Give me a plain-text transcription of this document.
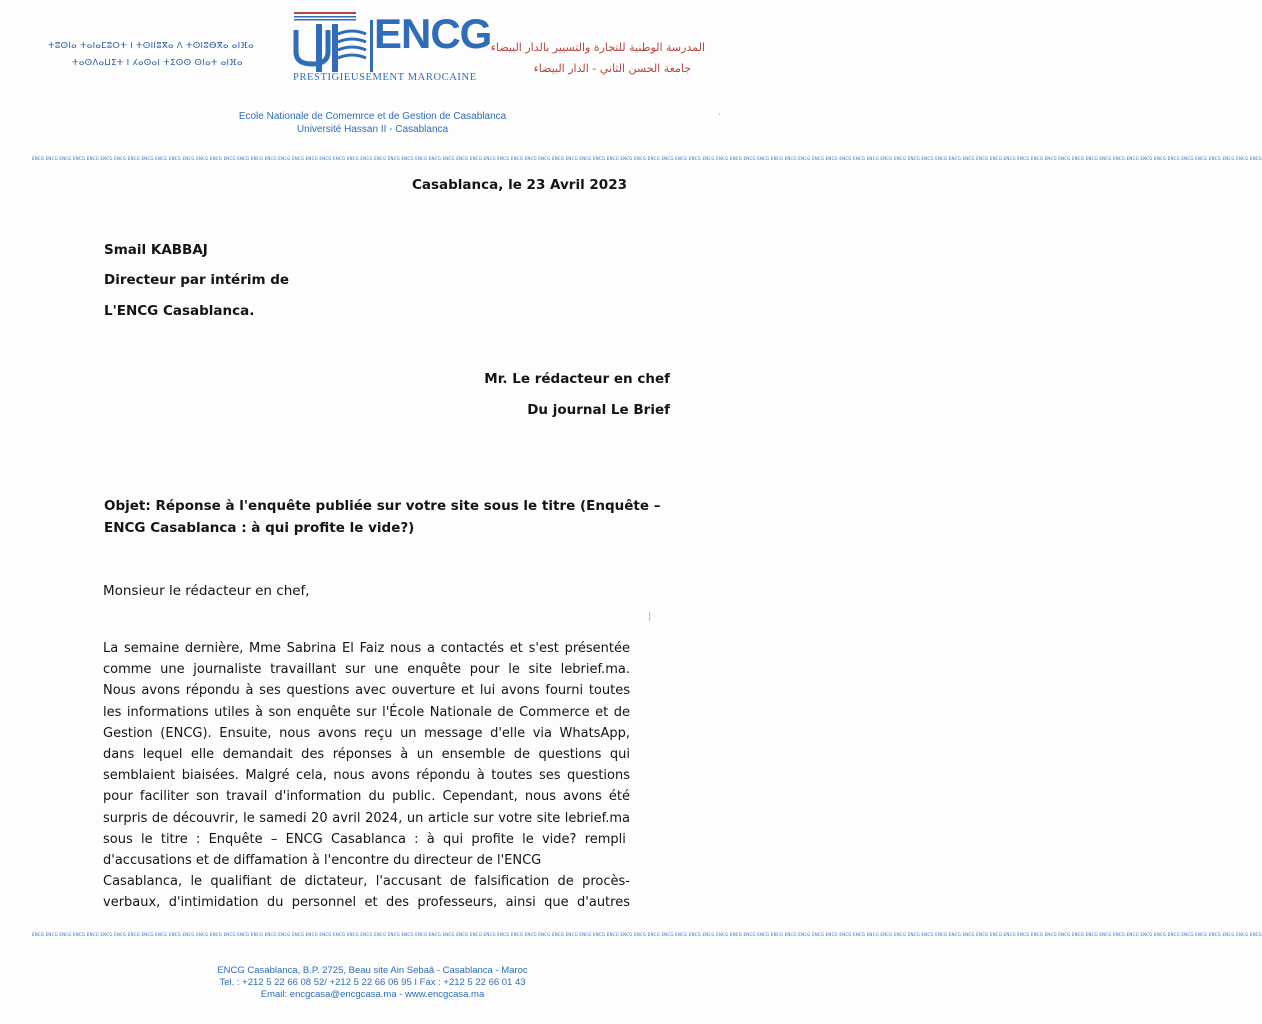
ⵜⵓⵙⵏⴰ ⵜⴰⵏⴰⵎⵓⵔⵜ ⵏ ⵜⵙⵏⵏⵓⴳⴰ ⴷ ⵜⵙⵏⵓⴱⴳⴰ ⴰⵏⴼⴰ
ⵜⴰⵙⴷⴰⵡⵉⵜ ⵏ ⵃⴰⵙⴰⵏ ⵜⵉⵙⵙ ⵙⵏⴰⵜ ⴰⵏⴼⴰ
ENCG
PRESTIGIEUSEMENT MAROCAINE
المدرسة الوطنية للتجارة والتسيير بالدار البيضاء
جامعة الحسن الثاني - الدار البيضاء
Ecole Nationale de Comemrce et de Gestion de Casablanca
Université Hassan II - Casablanca
˙
ENCG ENCG ENCG ENCG ENCG ENCG ENCG ENCG ENCG ENCG ENCG ENCG ENCG ENCG ENCG ENCG ENCG ENCG ENCG ENCG ENCG ENCG ENCG ENCG ENCG ENCG ENCG ENCG ENCG ENCG ENCG ENCG ENCG ENCG ENCG ENCG ENCG ENCG ENCG ENCG ENCG ENCG ENCG ENCG ENCG ENCG ENCG ENCG ENCG ENCG ENCG ENCG ENCG ENCG ENCG ENCG ENCG ENCG ENCG ENCG ENCG ENCG ENCG ENCG ENCG ENCG ENCG ENCG ENCG ENCG ENCG ENCG ENCG ENCG ENCG ENCG ENCG ENCG ENCG ENCG ENCG ENCG ENCG ENCG ENCG ENCG ENCG ENCG ENCG ENCG
Casablanca, le 23 Avril 2023
Smail KABBAJ
Directeur par intérim de
L'ENCG Casablanca.
Mr. Le rédacteur en chef
Du journal Le Brief
Objet: Réponse à l'enquête publiée sur votre site sous le titre (Enquête –
ENCG Casablanca : à qui profite le vide?)
Monsieur le rédacteur en chef,
¦
La semaine dernière, Mme Sabrina El Faiz nous a contactés et s'est présentée
comme une journaliste travaillant sur une enquête pour le site lebrief.ma.
Nous avons répondu à ses questions avec ouverture et lui avons fourni toutes
les informations utiles à son enquête sur l'École Nationale de Commerce et de
Gestion (ENCG). Ensuite, nous avons reçu un message d'elle via WhatsApp,
dans lequel elle demandait des réponses à un ensemble de questions qui
semblaient biaisées. Malgré cela, nous avons répondu à toutes ses questions
pour faciliter son travail d'information du public. Cependant, nous avons été
surpris de découvrir, le samedi 20 avril 2024, un article sur votre site lebrief.ma
sous le titre : Enquête – ENCG Casablanca : à qui profite le vide? rempli
d'accusations et de diffamation à l'encontre du directeur de l'ENCG
Casablanca, le qualifiant de dictateur, l'accusant de falsification de procès-
verbaux, d'intimidation du personnel et des professeurs, ainsi que d'autres
ENCG ENCG ENCG ENCG ENCG ENCG ENCG ENCG ENCG ENCG ENCG ENCG ENCG ENCG ENCG ENCG ENCG ENCG ENCG ENCG ENCG ENCG ENCG ENCG ENCG ENCG ENCG ENCG ENCG ENCG ENCG ENCG ENCG ENCG ENCG ENCG ENCG ENCG ENCG ENCG ENCG ENCG ENCG ENCG ENCG ENCG ENCG ENCG ENCG ENCG ENCG ENCG ENCG ENCG ENCG ENCG ENCG ENCG ENCG ENCG ENCG ENCG ENCG ENCG ENCG ENCG ENCG ENCG ENCG ENCG ENCG ENCG ENCG ENCG ENCG ENCG ENCG ENCG ENCG ENCG ENCG ENCG ENCG ENCG ENCG ENCG ENCG ENCG ENCG ENCG
ENCG Casablanca, B.P. 2725, Beau site Ain Sebaâ - Casablanca - Maroc
Tel. : +212 5 22 66 08 52/ +212 5 22 66 06 95 I Fax : +212 5 22 66 01 43
Email: encgcasa@encgcasa.ma - www.encgcasa.ma
